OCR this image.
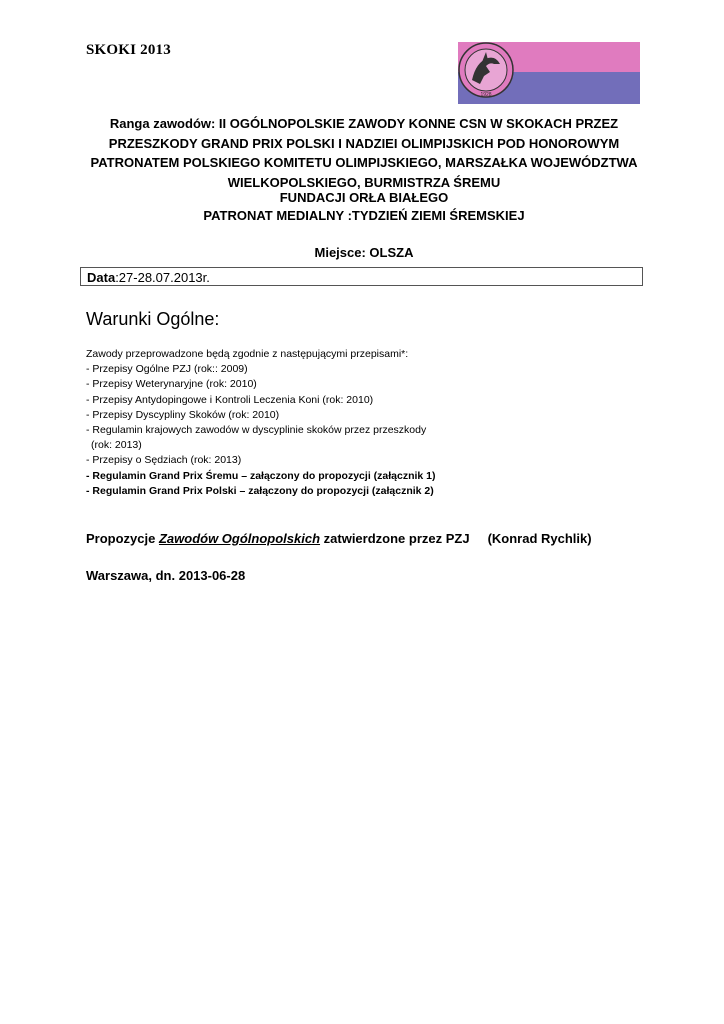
SKOKI 2013
1928
Ranga zawodów: II OGÓLNOPOLSKIE ZAWODY KONNE CSN W SKOKACH PRZEZ
PRZESZKODY GRAND PRIX POLSKI I NADZIEI OLIMPIJSKICH POD HONOROWYM
PATRONATEM POLSKIEGO KOMITETU OLIMPIJSKIEGO, MARSZAŁKA WOJEWÓDZTWA
WIELKOPOLSKIEGO, BURMISTRZA ŚREMU
FUNDACJI ORŁA BIAŁEGO
PATRONAT MEDIALNY :TYDZIEŃ ZIEMI ŚREMSKIEJ
Miejsce: OLSZA
Data:27-28.07.2013r.
Warunki Ogólne:
Zawody przeprowadzone będą zgodnie z następującymi przepisami*:
- Przepisy Ogólne PZJ (rok:: 2009)
- Przepisy Weterynaryjne (rok: 2010)
- Przepisy Antydopingowe i Kontroli Leczenia Koni (rok: 2010)
- Przepisy Dyscypliny Skoków (rok: 2010)
- Regulamin krajowych zawodów w dyscyplinie skoków przez przeszkody
(rok: 2013)
- Przepisy o Sędziach (rok: 2013)
- Regulamin Grand Prix Śremu – załączony do propozycji (załącznik 1)
- Regulamin Grand Prix Polski – załączony do propozycji (załącznik 2)
Propozycje Zawodów Ogólnopolskich zatwierdzone przez PZJ (Konrad Rychlik)
Warszawa, dn. 2013-06-28
